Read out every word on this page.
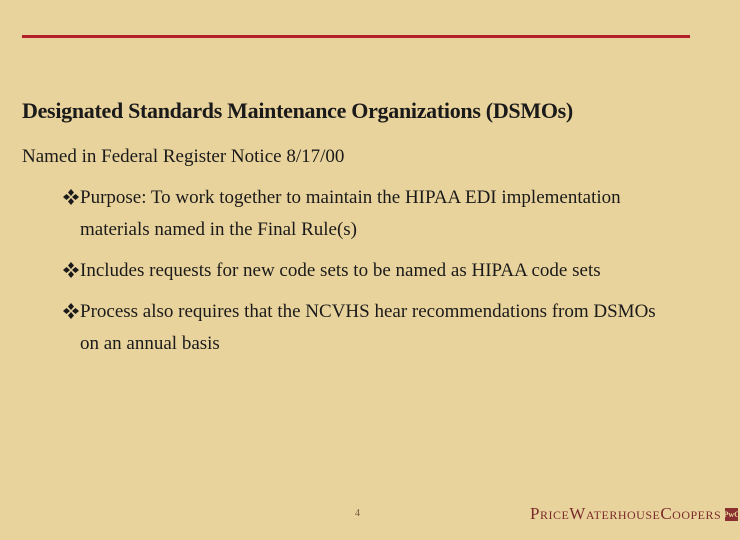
Designated Standards Maintenance Organizations (DSMOs)
Named in Federal Register Notice 8/17/00
Purpose: To work together to maintain the HIPAA EDI implementation
materials named in the Final Rule(s)
Includes requests for new code sets to be named as HIPAA code sets
Process also requires that the NCVHS hear recommendations from DSMOs
on an annual basis
4	PriceWaterhouseCoopers PwC
